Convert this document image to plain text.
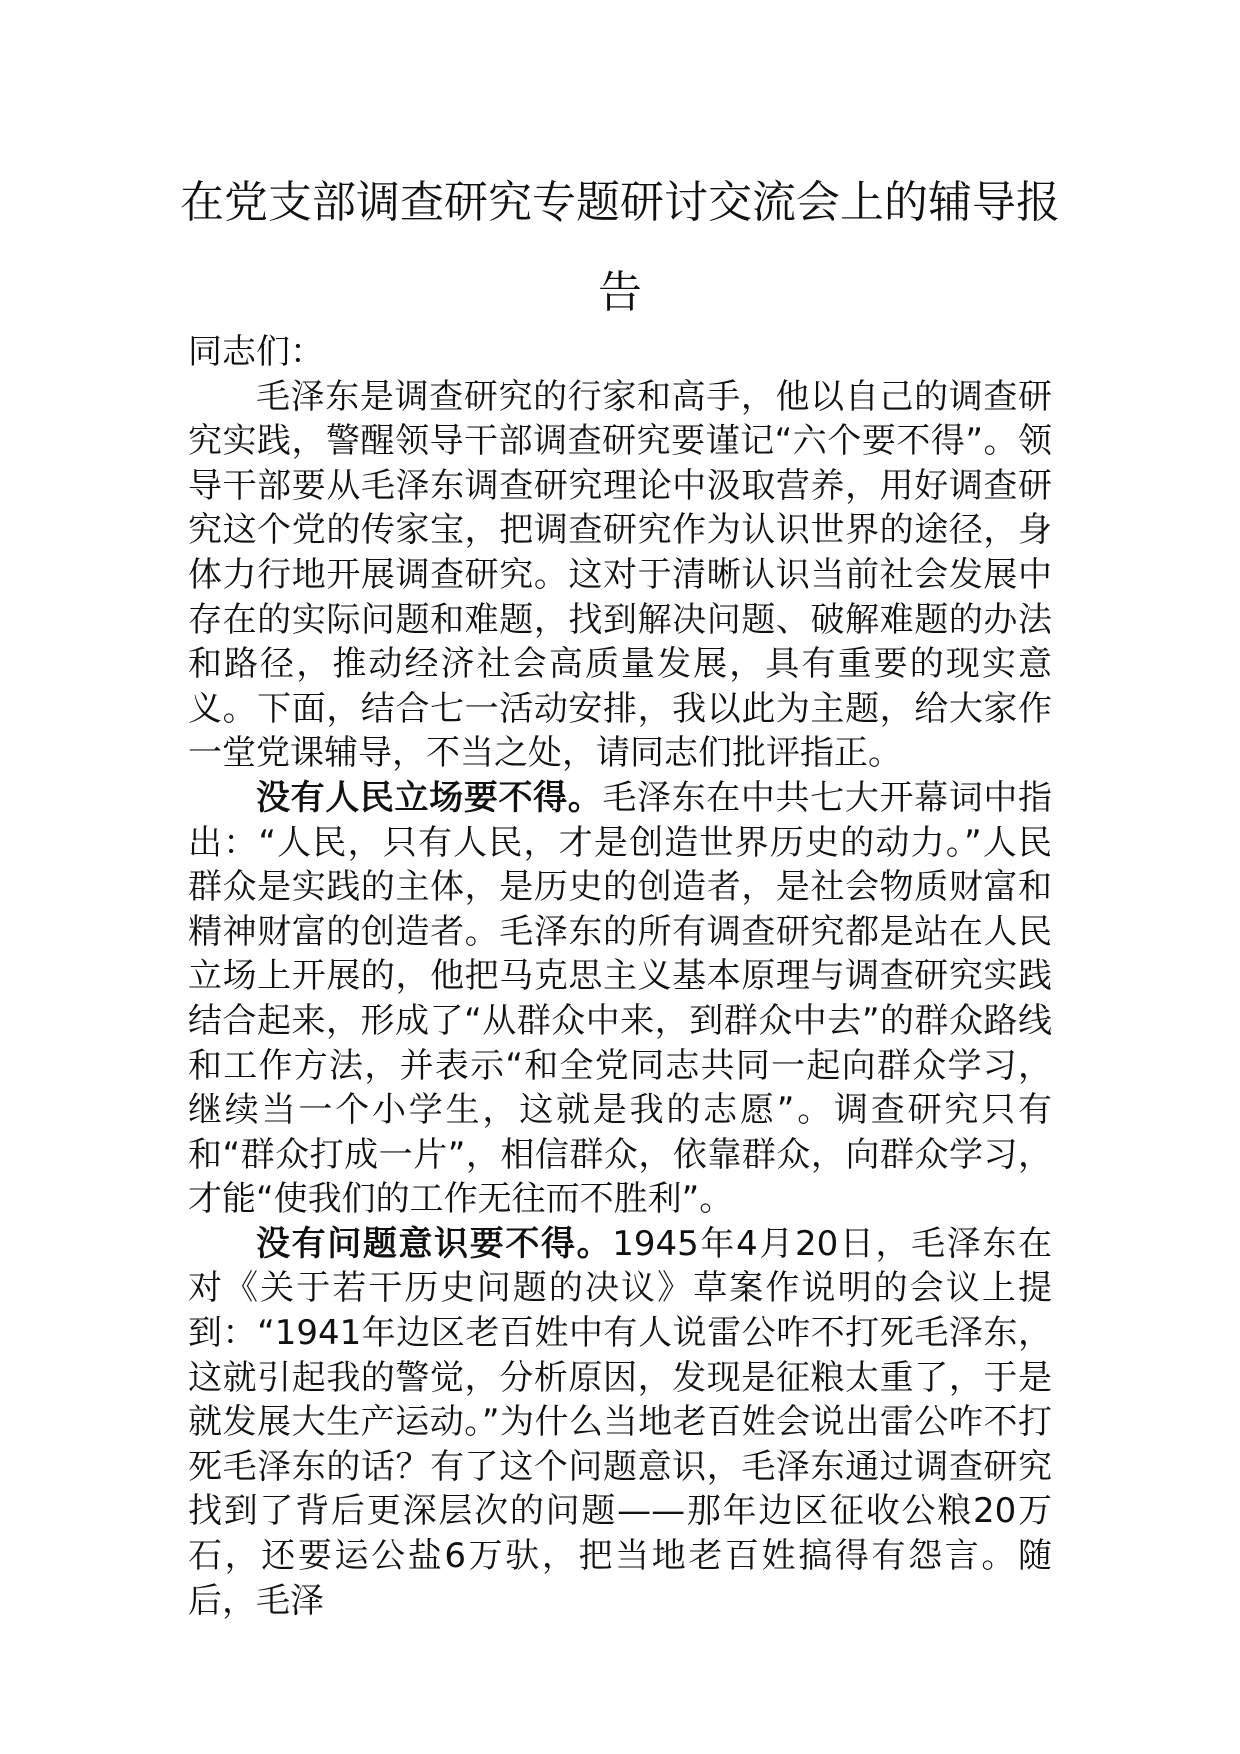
在党支部调查研究专题研讨交流会上的辅导报告

同志们：

毛泽东是调查研究的行家和高手，他以自己的调查研究实践，警醒领导干部调查研究要谨记“六个要不得”。领导干部要从毛泽东调查研究理论中汲取营养，用好调查研究这个党的传家宝，把调查研究作为认识世界的途径，身体力行地开展调查研究。这对于清晰认识当前社会发展中存在的实际问题和难题，找到解决问题、破解难题的办法和路径，推动经济社会高质量发展，具有重要的现实意义。下面，结合七一活动安排，我以此为主题，给大家作一堂党课辅导，不当之处，请同志们批评指正。

没有人民立场要不得。毛泽东在中共七大开幕词中指出：“人民，只有人民，才是创造世界历史的动力。”人民群众是实践的主体，是历史的创造者，是社会物质财富和精神财富的创造者。毛泽东的所有调查研究都是站在人民立场上开展的，他把马克思主义基本原理与调查研究实践结合起来，形成了“从群众中来，到群众中去”的群众路线和工作方法，并表示“和全党同志共同一起向群众学习，继续当一个小学生，这就是我的志愿”。调查研究只有和“群众打成一片”，相信群众，依靠群众，向群众学习，才能“使我们的工作无往而不胜利”。

没有问题意识要不得。1945年4月20日，毛泽东在对《关于若干历史问题的决议》草案作说明的会议上提到：“1941年边区老百姓中有人说雷公咋不打死毛泽东，这就引起我的警觉，分析原因，发现是征粮太重了，于是就发展大生产运动。”为什么当地老百姓会说出雷公咋不打死毛泽东的话？有了这个问题意识，毛泽东通过调查研究找到了背后更深层次的问题——那年边区征收公粮20万石，还要运公盐6万驮，把当地老百姓搞得有怨言。随后，毛泽
